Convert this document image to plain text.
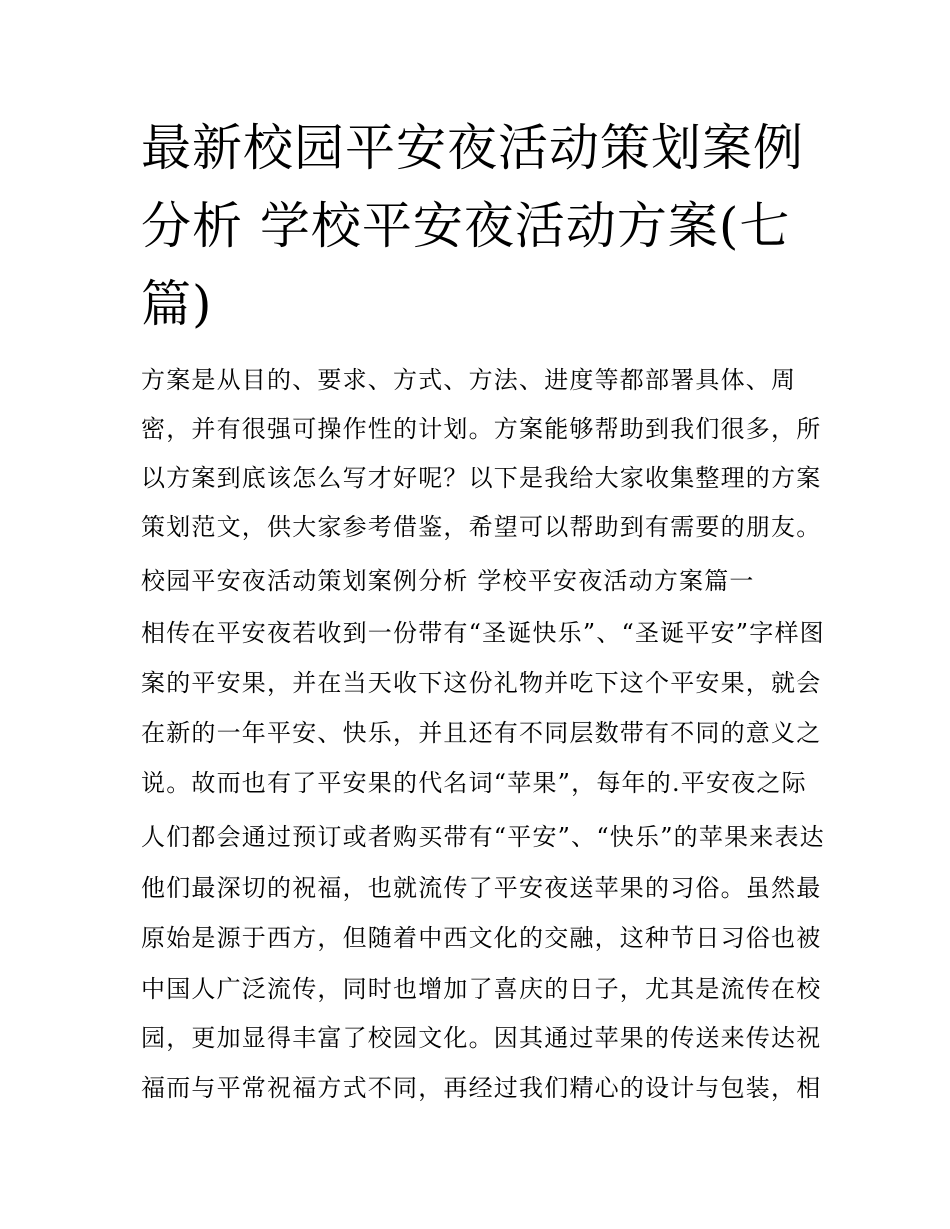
最新校园平安夜活动策划案例
分析 学校平安夜活动方案(七
篇)
方案是从目的、要求、方式、方法、进度等都部署具体、周
密，并有很强可操作性的计划。方案能够帮助到我们很多，所
以方案到底该怎么写才好呢？以下是我给大家收集整理的方案
策划范文，供大家参考借鉴，希望可以帮助到有需要的朋友。
校园平安夜活动策划案例分析 学校平安夜活动方案篇一
相传在平安夜若收到一份带有“圣诞快乐”、“圣诞平安”字样图
案的平安果，并在当天收下这份礼物并吃下这个平安果，就会
在新的一年平安、快乐，并且还有不同层数带有不同的意义之
说。故而也有了平安果的代名词“苹果”，每年的.平安夜之际
人们都会通过预订或者购买带有“平安”、“快乐”的苹果来表达
他们最深切的祝福，也就流传了平安夜送苹果的习俗。虽然最
原始是源于西方，但随着中西文化的交融，这种节日习俗也被
中国人广泛流传，同时也增加了喜庆的日子，尤其是流传在校
园，更加显得丰富了校园文化。因其通过苹果的传送来传达祝
福而与平常祝福方式不同，再经过我们精心的设计与包装，相
